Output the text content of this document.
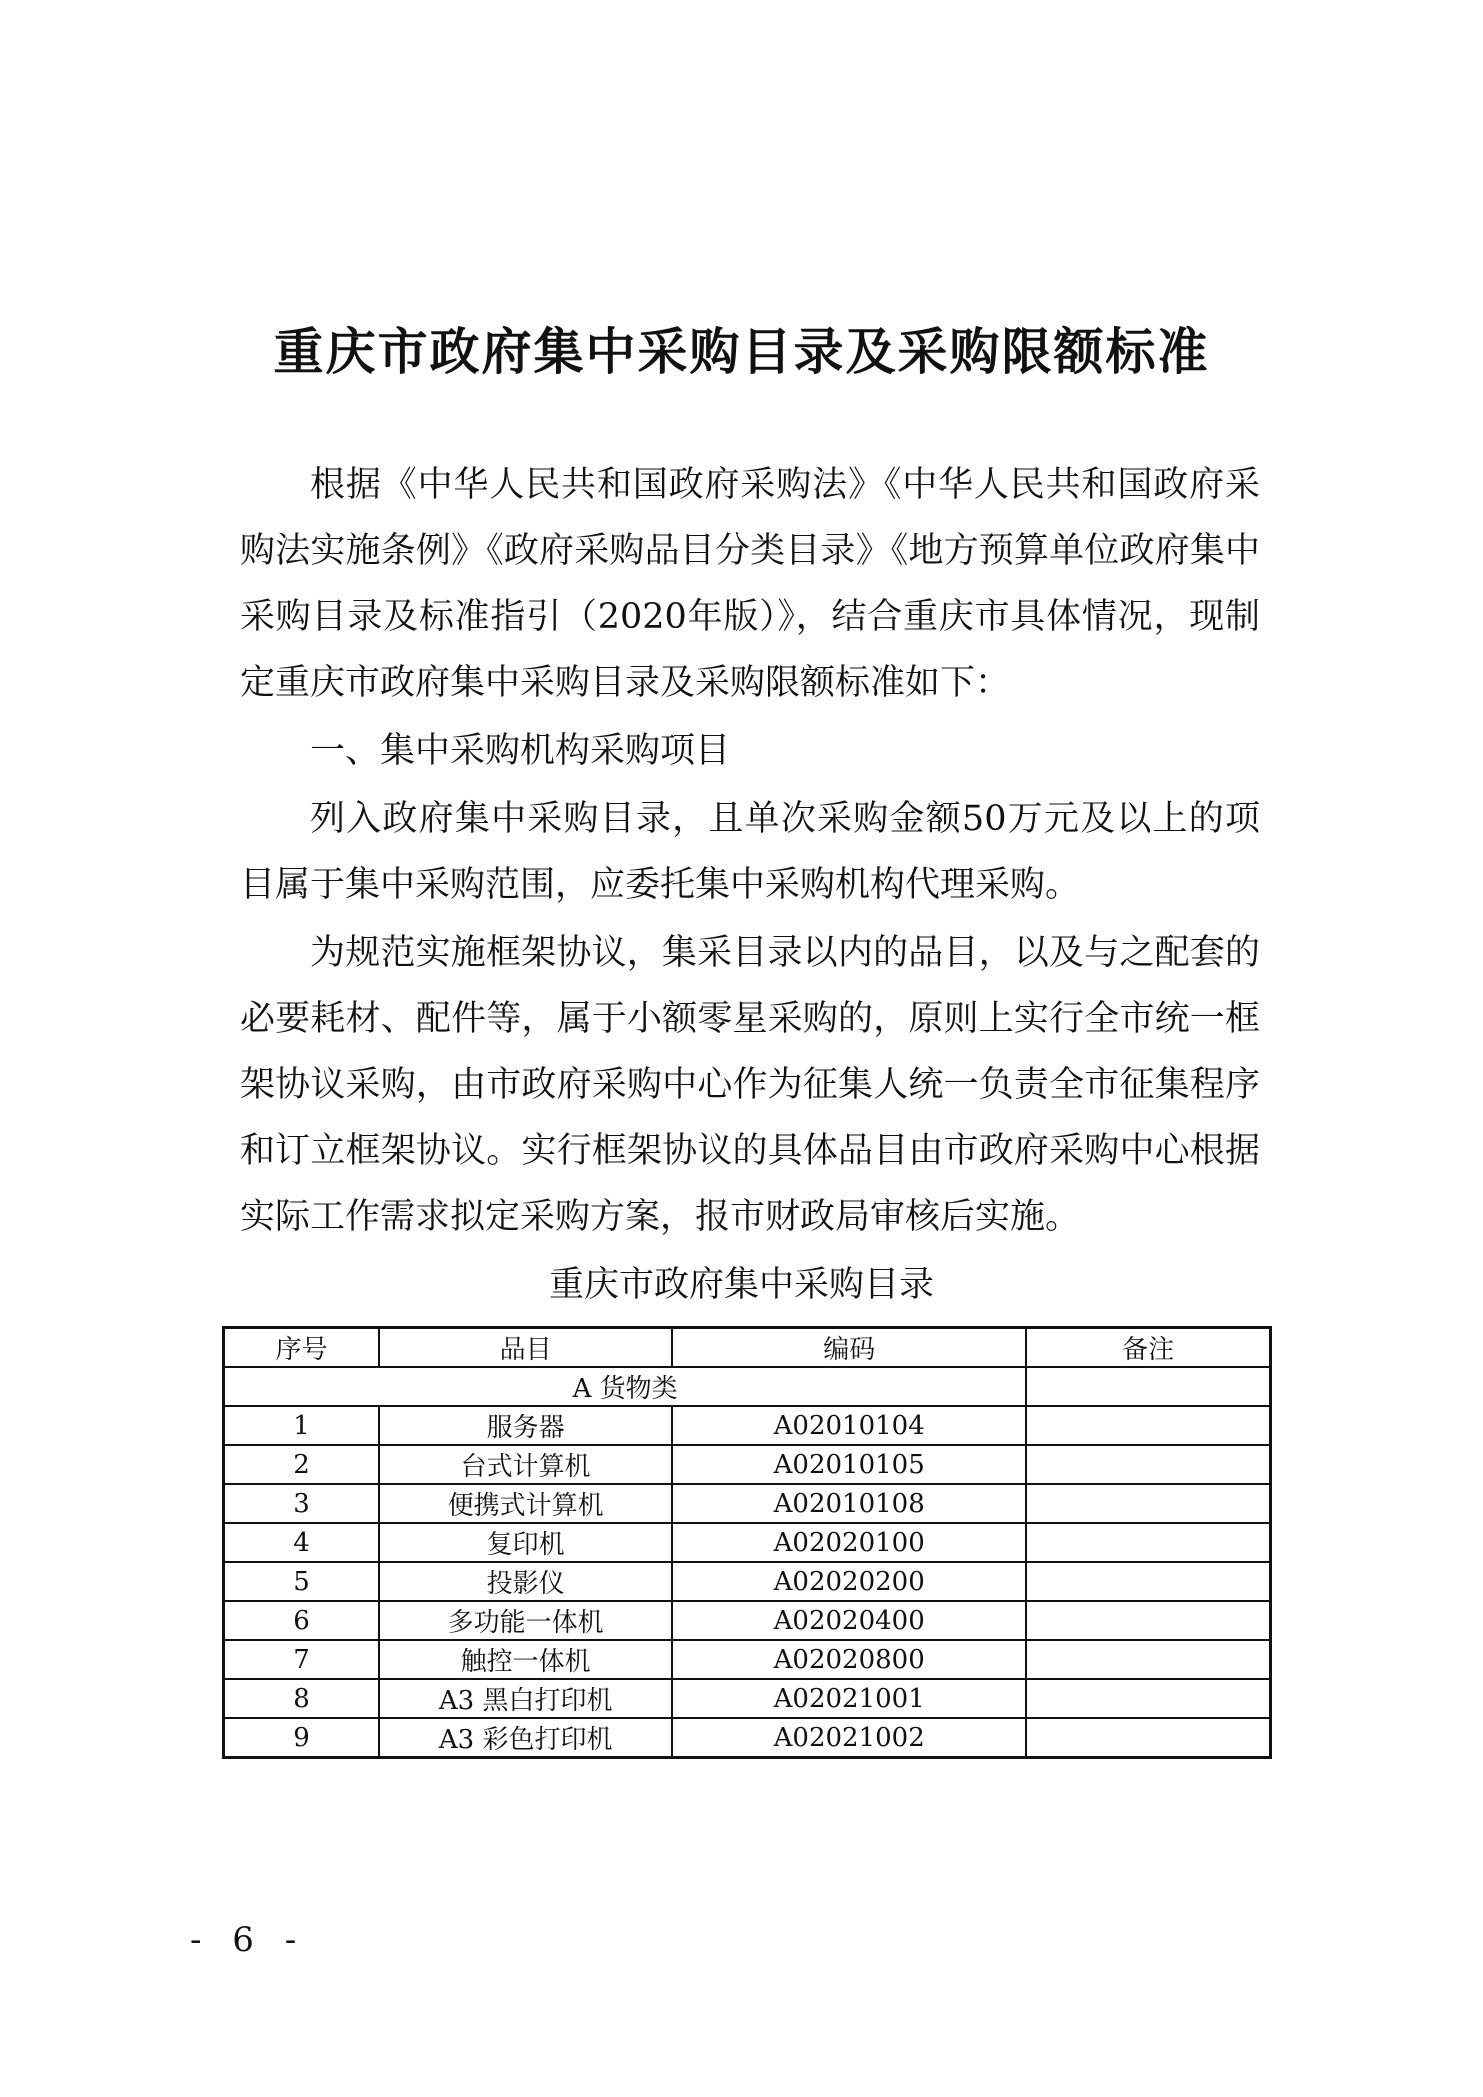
重庆市政府集中采购目录及采购限额标准

根据《中华人民共和国政府采购法》《中华人民共和国政府采购法实施条例》《政府采购品目分类目录》《地方预算单位政府集中采购目录及标准指引（2020年版）》，结合重庆市具体情况，现制定重庆市政府集中采购目录及采购限额标准如下：

一、集中采购机构采购项目

列入政府集中采购目录，且单次采购金额50万元及以上的项目属于集中采购范围，应委托集中采购机构代理采购。

为规范实施框架协议，集采目录以内的品目，以及与之配套的必要耗材、配件等，属于小额零星采购的，原则上实行全市统一框架协议采购，由市政府采购中心作为征集人统一负责全市征集程序和订立框架协议。实行框架协议的具体品目由市政府采购中心根据实际工作需求拟定采购方案，报市财政局审核后实施。

重庆市政府集中采购目录
序号	品目	编码	备注
A 货物类			
1	服务器	A02010104	
2	台式计算机	A02010105	
3	便携式计算机	A02010108	
4	复印机	A02020100	
5	投影仪	A02020200	
6	多功能一体机	A02020400	
7	触控一体机	A02020800	
8	A3 黑白打印机	A02021001	
9	A3 彩色打印机	A02021002	
- 6 -
